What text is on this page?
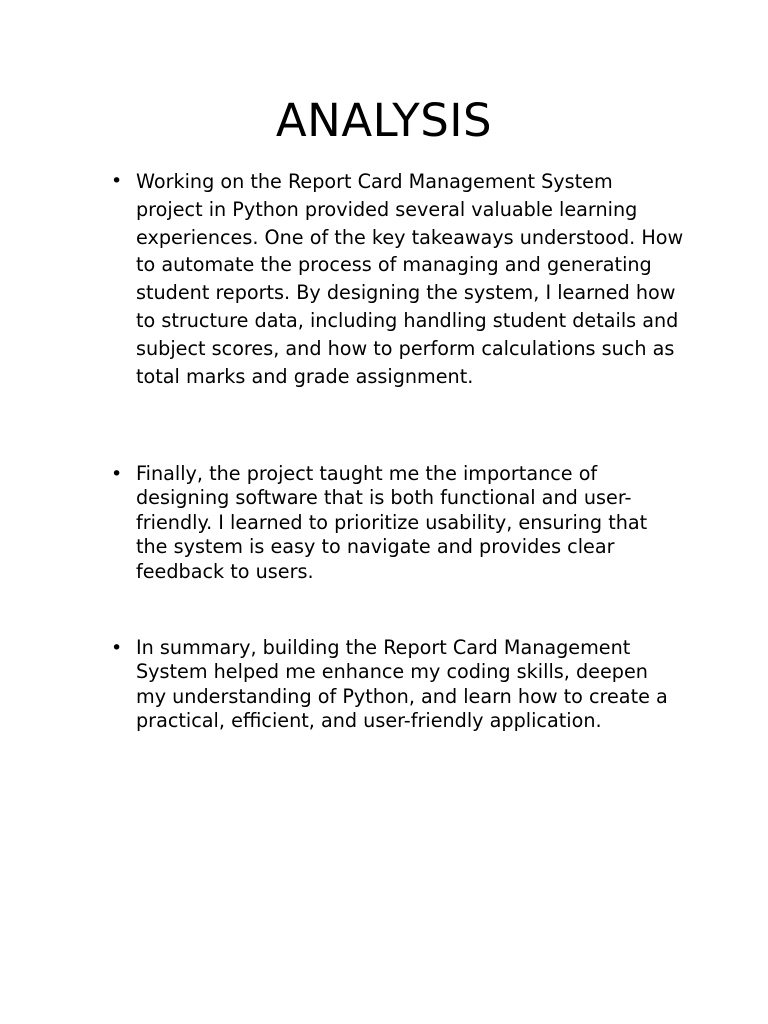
ANALYSIS
• Working on the Report Card Management System project in Python provided several valuable learning experiences. One of the key takeaways understood. How to automate the process of managing and generating student reports. By designing the system, I learned how to structure data, including handling student details and subject scores, and how to perform calculations such as total marks and grade assignment.
• Finally, the project taught me the importance of designing software that is both functional and user-friendly. I learned to prioritize usability, ensuring that the system is easy to navigate and provides clear feedback to users.
• In summary, building the Report Card Management System helped me enhance my coding skills, deepen my understanding of Python, and learn how to create a practical, efficient, and user-friendly application.
